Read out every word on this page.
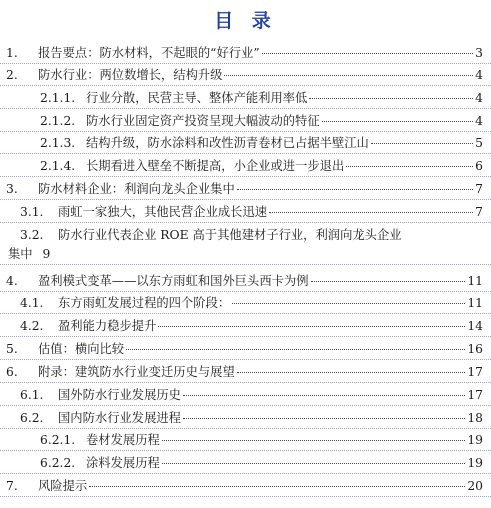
目 录
1.	报告要点：防水材料，不起眼的“好行业”	3
2.	防水行业：两位数增长，结构升级	4
2.1.1. 行业分散，民营主导、整体产能利用率低	4
2.1.2. 防水行业固定资产投资呈现大幅波动的特征	4
2.1.3. 结构升级，防水涂料和改性沥青卷材已占据半壁江山	5
2.1.4. 长期看进入壁垒不断提高，小企业或进一步退出	6
3.	防水材料企业：利润向龙头企业集中	7
3.1.	雨虹一家独大，其他民营企业成长迅速	7
3.2. 防水行业代表企业 ROE 高于其他建材子行业，利润向龙头企业
集中 9
4.	盈利模式变革——以东方雨虹和国外巨头西卡为例	11
4.1.	东方雨虹发展过程的四个阶段：	11
4.2.	盈利能力稳步提升	14
5.	估值：横向比较	16
6.	附录：建筑防水行业变迁历史与展望	17
6.1.	国外防水行业发展历史	17
6.2.	国内防水行业发展进程	18
6.2.1. 卷材发展历程	19
6.2.2. 涂料发展历程	19
7.	风险提示	20
